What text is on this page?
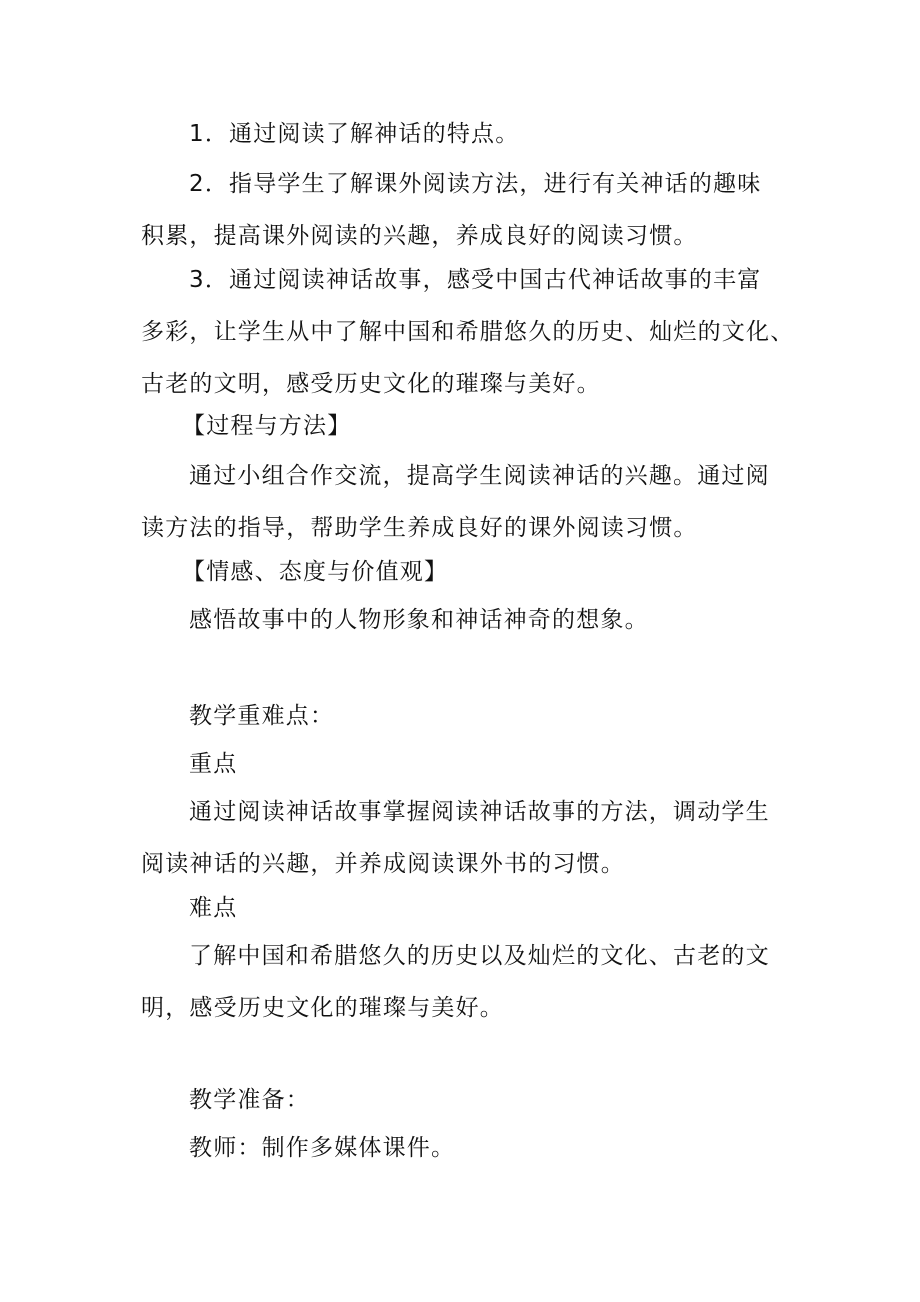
1．通过阅读了解神话的特点。

2．指导学生了解课外阅读方法，进行有关神话的趣味
积累，提高课外阅读的兴趣，养成良好的阅读习惯。

3．通过阅读神话故事，感受中国古代神话故事的丰富
多彩，让学生从中了解中国和希腊悠久的历史、灿烂的文化、
古老的文明，感受历史文化的璀璨与美好。

【过程与方法】

通过小组合作交流，提高学生阅读神话的兴趣。通过阅
读方法的指导，帮助学生养成良好的课外阅读习惯。

【情感、态度与价值观】

感悟故事中的人物形象和神话神奇的想象。

教学重难点：

重点

通过阅读神话故事掌握阅读神话故事的方法，调动学生
阅读神话的兴趣，并养成阅读课外书的习惯。

难点

了解中国和希腊悠久的历史以及灿烂的文化、古老的文
明，感受历史文化的璀璨与美好。

教学准备：

教师：制作多媒体课件。
